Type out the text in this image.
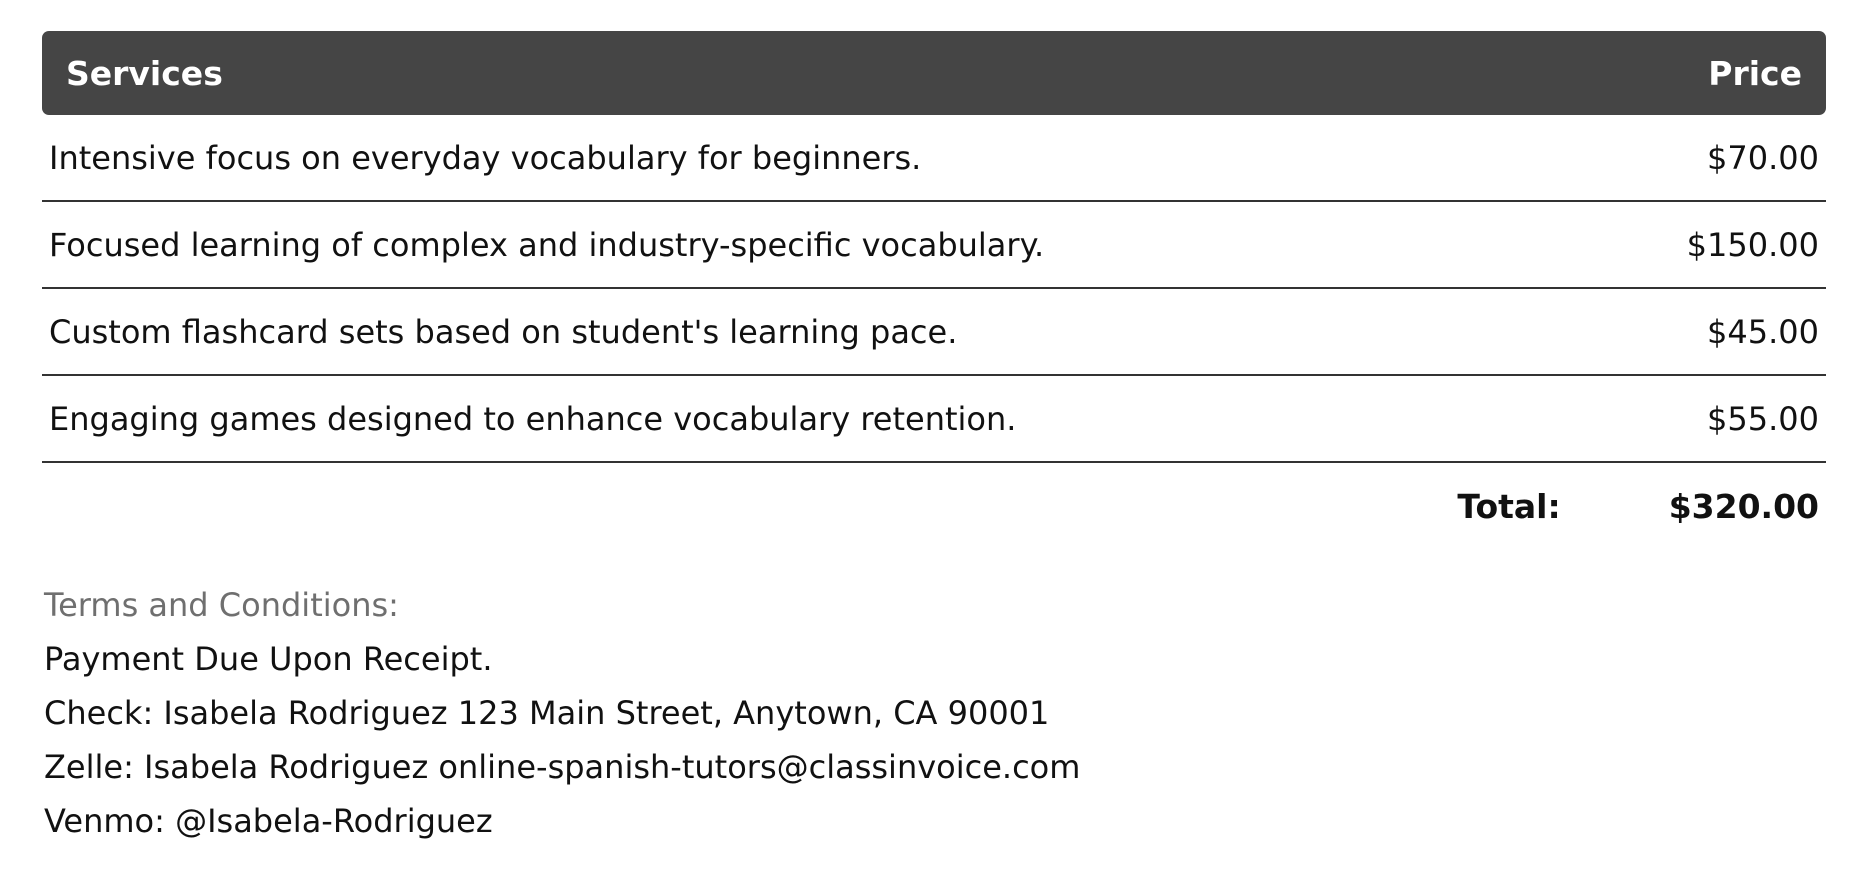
Services	Price
Intensive focus on everyday vocabulary for beginners.	$70.00
Focused learning of complex and industry-specific vocabulary.	$150.00
Custom flashcard sets based on student's learning pace.	$45.00
Engaging games designed to enhance vocabulary retention.	$55.00
Total:	$320.00
Terms and Conditions:
Payment Due Upon Receipt.
Check: Isabela Rodriguez 123 Main Street, Anytown, CA 90001
Zelle: Isabela Rodriguez online-spanish-tutors@classinvoice.com
Venmo: @Isabela-Rodriguez
